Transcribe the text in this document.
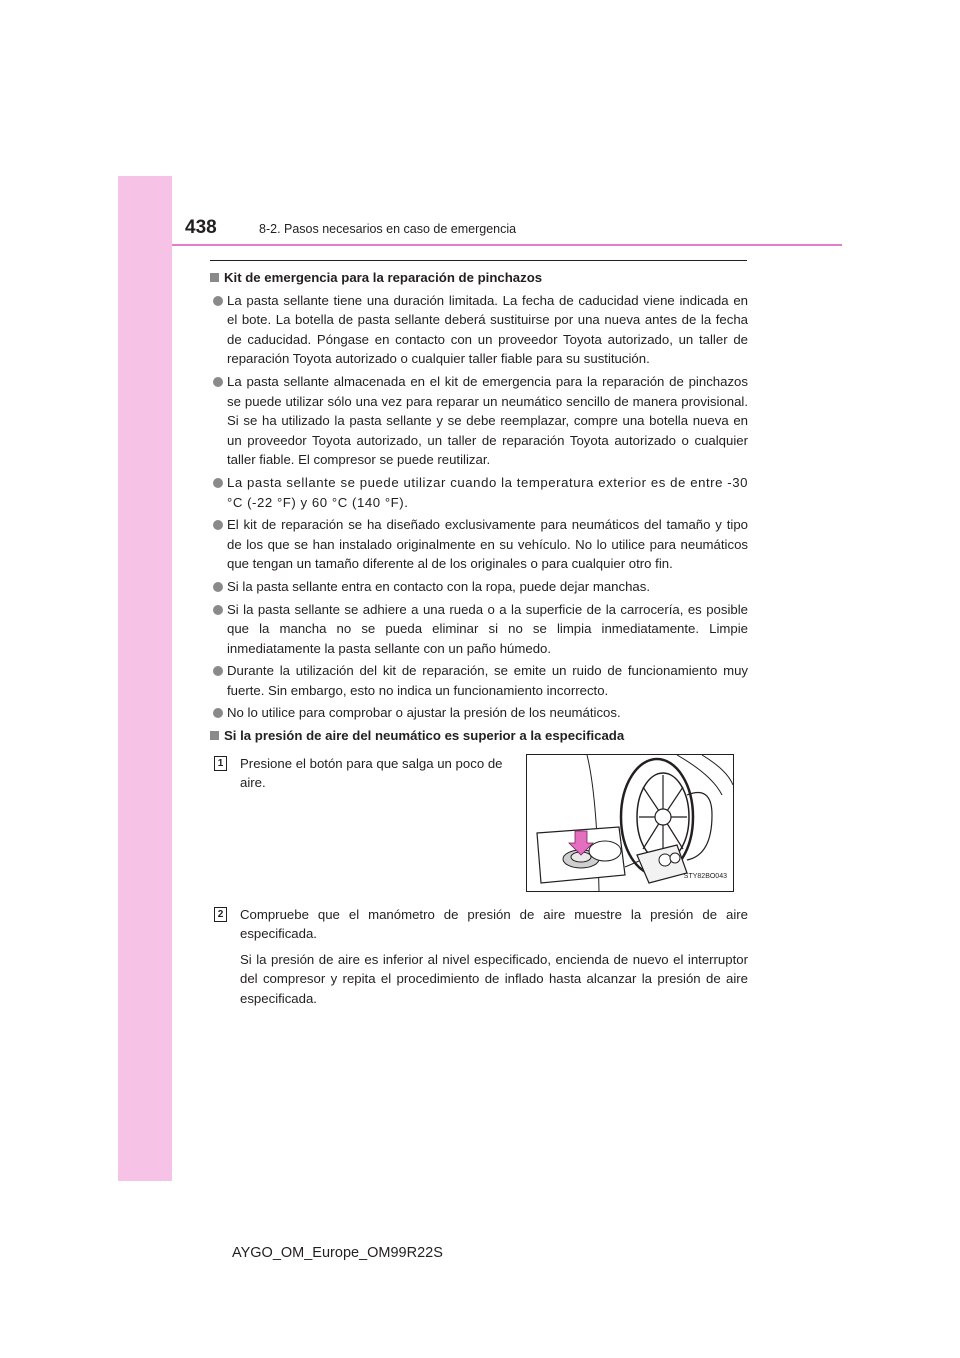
438	8-2. Pasos necesarios en caso de emergencia
Kit de emergencia para la reparación de pinchazos
La pasta sellante tiene una duración limitada. La fecha de caducidad viene indicada en el bote. La botella de pasta sellante deberá sustituirse por una nueva antes de la fecha de caducidad. Póngase en contacto con un proveedor Toyota autorizado, un taller de reparación Toyota autorizado o cualquier taller fiable para su sustitución.
La pasta sellante almacenada en el kit de emergencia para la reparación de pinchazos se puede utilizar sólo una vez para reparar un neumático sencillo de manera provisional. Si se ha utilizado la pasta sellante y se debe reemplazar, compre una botella nueva en un proveedor Toyota autorizado, un taller de reparación Toyota autorizado o cualquier taller fiable. El compresor se puede reutilizar.
La pasta sellante se puede utilizar cuando la temperatura exterior es de entre -30 °C (-22 °F) y 60 °C (140 °F).
El kit de reparación se ha diseñado exclusivamente para neumáticos del tamaño y tipo de los que se han instalado originalmente en su vehículo. No lo utilice para neumáticos que tengan un tamaño diferente al de los originales o para cualquier otro fin.
Si la pasta sellante entra en contacto con la ropa, puede dejar manchas.
Si la pasta sellante se adhiere a una rueda o a la superficie de la carrocería, es posible que la mancha no se pueda eliminar si no se limpia inmediatamente. Limpie inmediatamente la pasta sellante con un paño húmedo.
Durante la utilización del kit de reparación, se emite un ruido de funcionamiento muy fuerte. Sin embargo, esto no indica un funcionamiento incorrecto.
No lo utilice para comprobar o ajustar la presión de los neumáticos.
Si la presión de aire del neumático es superior a la especificada
1 Presione el botón para que salga un poco de aire.
STY82BO043
2 Compruebe que el manómetro de presión de aire muestre la presión de aire especificada.

Si la presión de aire es inferior al nivel especificado, encienda de nuevo el interruptor del compresor y repita el procedimiento de inflado hasta alcanzar la presión de aire especificada.

AYGO_OM_Europe_OM99R22S
